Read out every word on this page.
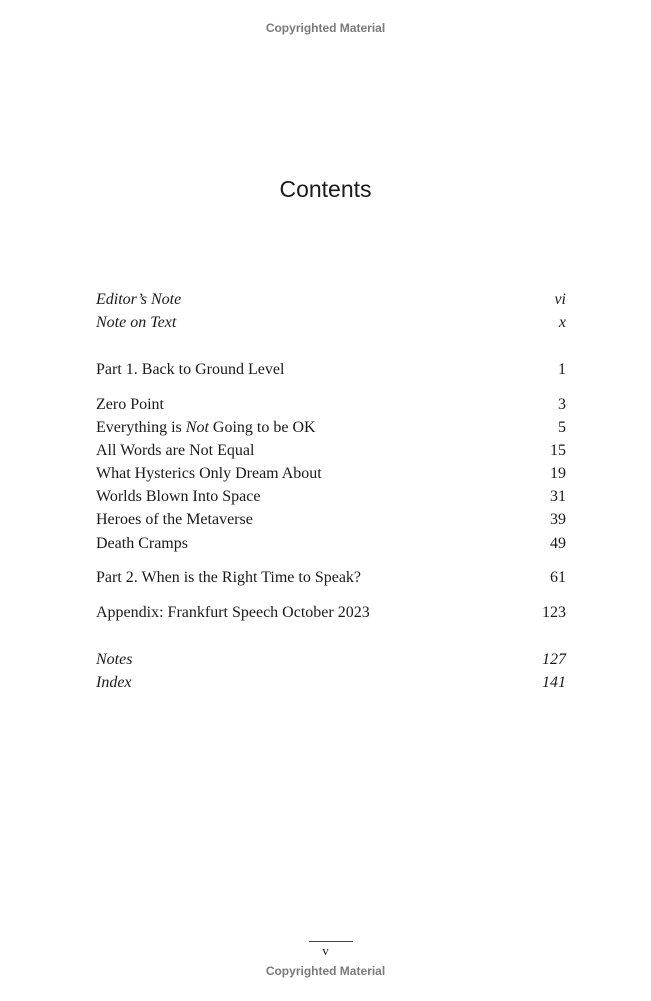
Copyrighted Material
Contents
Editor’s Note	vi
Note on Text	x
Part 1. Back to Ground Level	1
Zero Point	3
Everything is Not Going to be OK	5
All Words are Not Equal	15
What Hysterics Only Dream About	19
Worlds Blown Into Space	31
Heroes of the Metaverse	39
Death Cramps	49
Part 2. When is the Right Time to Speak?	61
Appendix: Frankfurt Speech October 2023	123
Notes	127
Index	141
v
Copyrighted Material
